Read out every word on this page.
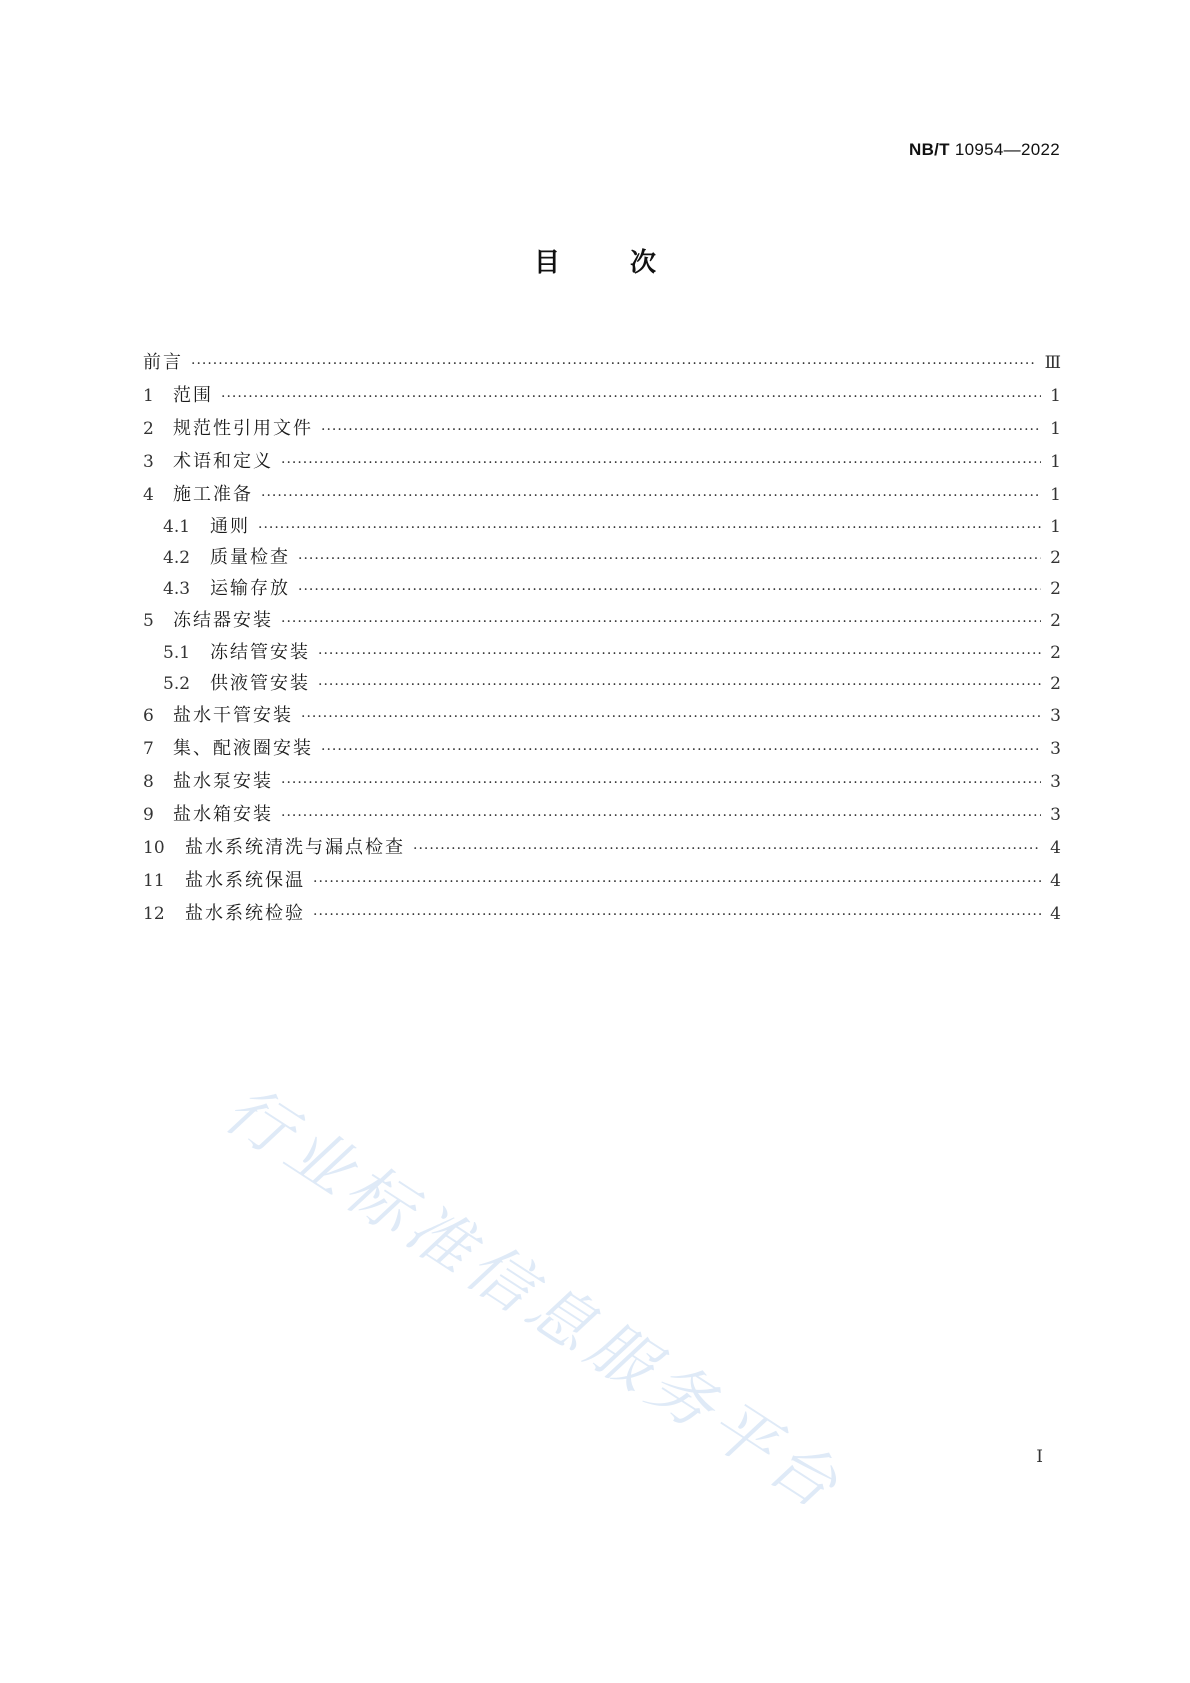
NB/T 10954—2022
目	次
前言 ·····	Ⅲ
1	范围 ·····	1
2	规范性引用文件 ·····	1
3	术语和定义 ·····	1
4	施工准备 ·····	1
4.1	通则 ·····	1
4.2	质量检查 ·····	2
4.3	运输存放 ·····	2
5	冻结器安装 ·····	2
5.1	冻结管安装 ·····	2
5.2	供液管安装 ·····	2
6	盐水干管安装 ·····	3
7	集、配液圈安装 ·····	3
8	盐水泵安装 ·····	3
9	盐水箱安装 ·····	3
10	盐水系统清洗与漏点检查 ·····	4
11	盐水系统保温 ·····	4
12	盐水系统检验 ·····	4
行业标准信息服务平台	I
